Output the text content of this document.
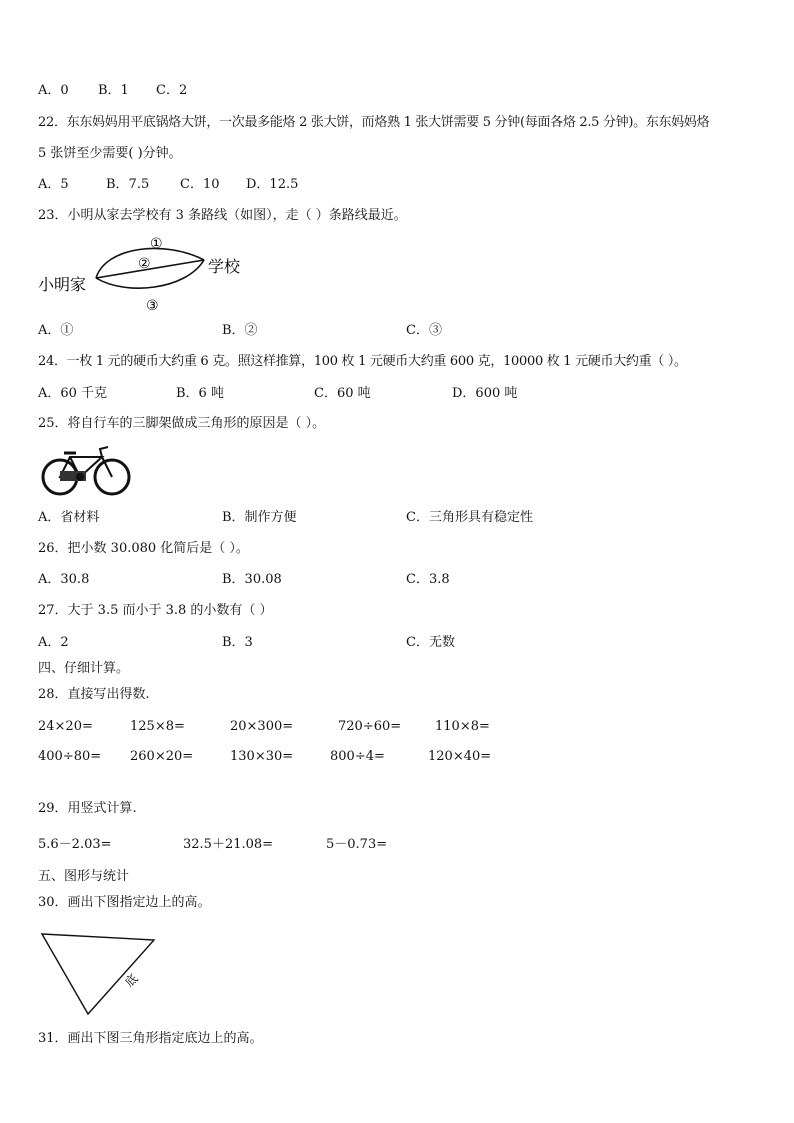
A．0 B．1 C．2
22．东东妈妈用平底锅烙大饼，一次最多能烙 2 张大饼，而烙熟 1 张大饼需要 5 分钟(每面各烙 2.5 分钟)。东东妈妈烙
5 张饼至少需要( )分钟。
A．5	B．7.5 C．10 D．12.5
23．小明从家去学校有 3 条路线（如图），走（ ）条路线最近。
小明家
学校
①
②
③
A．①	B．②	C．③
24．一枚 1 元的硬币大约重 6 克。照这样推算，100 枚 1 元硬币大约重 600 克，10000 枚 1 元硬币大约重（ ）。
A．60 千克	B．6 吨	C．60 吨	D．600 吨
25．将自行车的三脚架做成三角形的原因是（ ）。
A．省材料	B．制作方便	C．三角形具有稳定性
26．把小数 30.080 化简后是（ ）。
A．30.8	B．30.08	C．3.8
27．大于 3.5 而小于 3.8 的小数有（ ）
A．2	B．3	C．无数
四、仔细计算。
28．直接写出得数.
24×20=	125×8=	20×300=	720÷60=	110×8=
400÷80= 260×20=	130×30=	800÷4=	120×40=
29．用竖式计算.
5.6－2.03=	32.5＋21.08=	5－0.73=
五、图形与统计
30．画出下图指定边上的高。
底
31．画出下图三角形指定底边上的高。
